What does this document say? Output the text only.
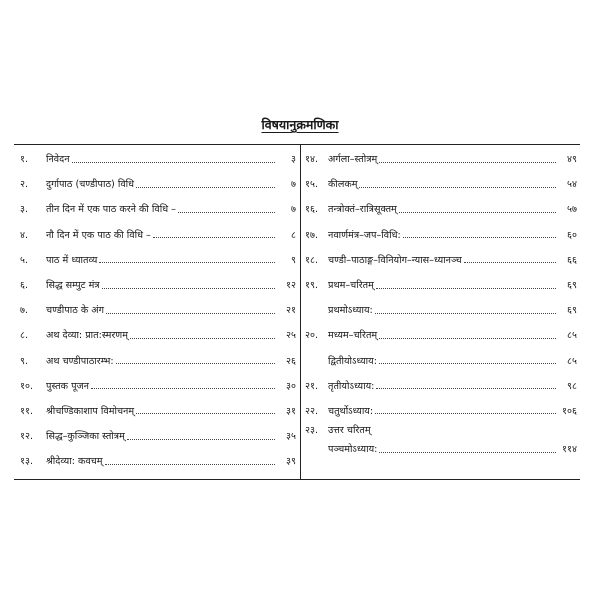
विषयानुक्रमणिका
१.	निवेदन	३
२.	दुर्गापाठ (चण्डीपाठ) विधि	७
३.	तीन दिन में एक पाठ करने की विधि –	७
४.	नौ दिन में एक पाठ की विधि –	८
५.	पाठ में ध्यातव्य	९
६.	सिद्ध सम्पुट मंत्र	१२
७.	चण्डीपाठ के अंग	२१
८.	अथ देव्या: प्रात:स्मरणम्	२५
९.	अथ चण्डीपाठारम्भ:	२६
१०.	पुस्तक पूजन	३०
११.	श्रीचण्डिकाशाप विमोचनम्	३१
१२.	सिद्ध–कुञ्जिका स्तोत्रम्	३५
१३.	श्रीदेव्या: कवचम्	३९
१४.	अर्गला–स्तोत्रम्	४९
१५.	कीलकम्	५४
१६.	तन्त्रोक्तं–रात्रिसूक्तम्	५७
१७.	नवार्णमंत्र–जप–विधि:	६०
१८.	चण्डी–पाठाङ्ग–विनियोग–न्यास–ध्यानञ्च	६६
१९.	प्रथम–चरितम्	६९
प्रथमोऽध्याय:	६९
२०.	मध्यम–चरितम्	८५
द्वितीयोऽध्याय:	८५
२१.	तृतीयोऽध्याय:	९८
२२.	चतुर्थोऽध्याय:	१०६
२३.	उत्तर चरितम्
पञ्चमोऽध्याय:	११४
